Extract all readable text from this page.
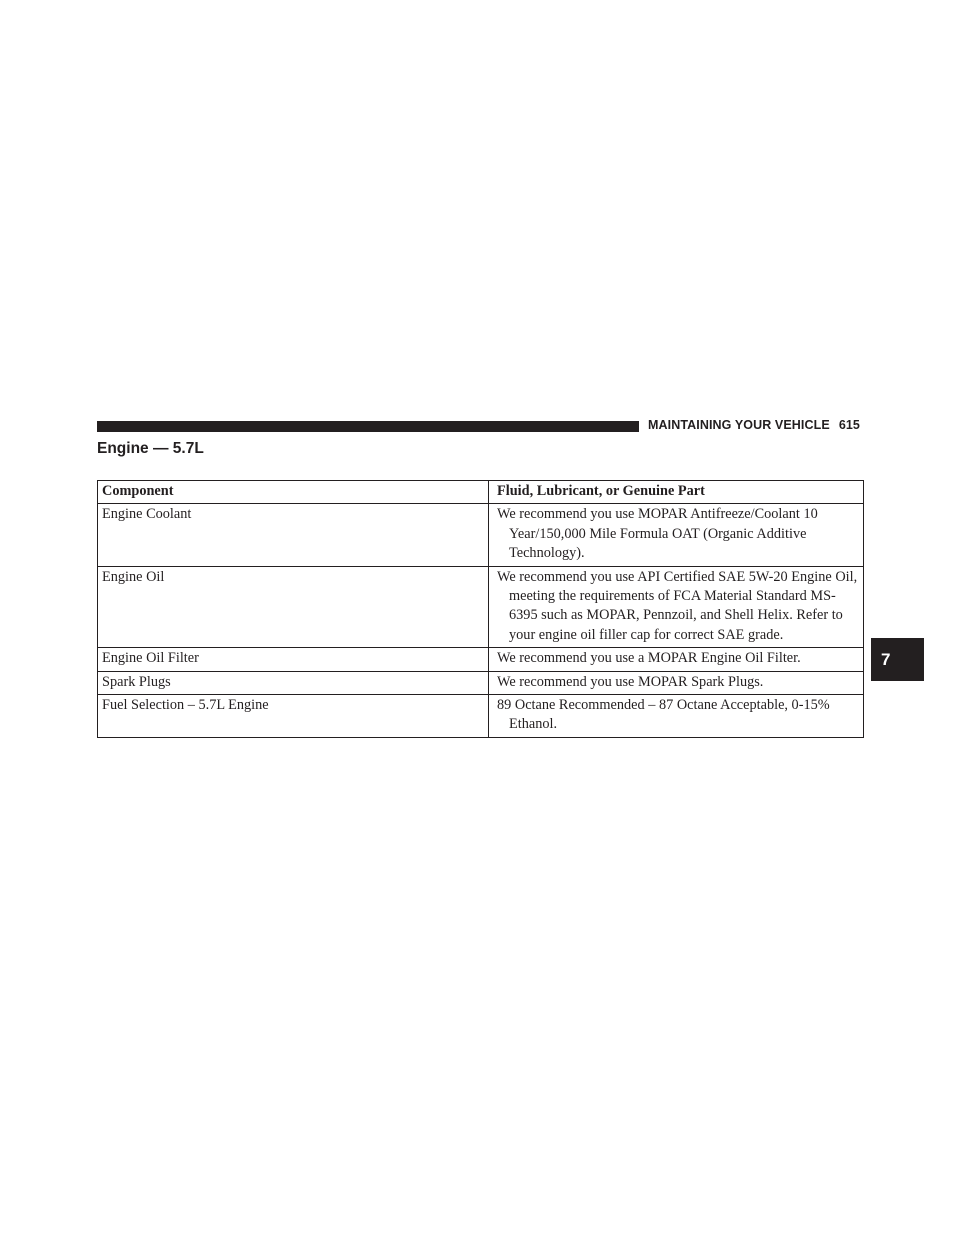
MAINTAINING YOUR VEHICLE 615
Engine — 5.7L
Component	Fluid, Lubricant, or Genuine Part
Engine Coolant	We recommend you use MOPAR Antifreeze/Coolant 10 Year/150,000 Mile Formula OAT (Organic Additive Technology).
Engine Oil	We recommend you use API Certified SAE 5W-20 Engine Oil, meeting the requirements of FCA Material Standard MS-6395 such as MOPAR, Pennzoil, and Shell Helix. Refer to your engine oil filler cap for correct SAE grade.
Engine Oil Filter	We recommend you use a MOPAR Engine Oil Filter.
Spark Plugs	We recommend you use MOPAR Spark Plugs.
Fuel Selection – 5.7L Engine	89 Octane Recommended – 87 Octane Acceptable, 0-15% Ethanol.
7
